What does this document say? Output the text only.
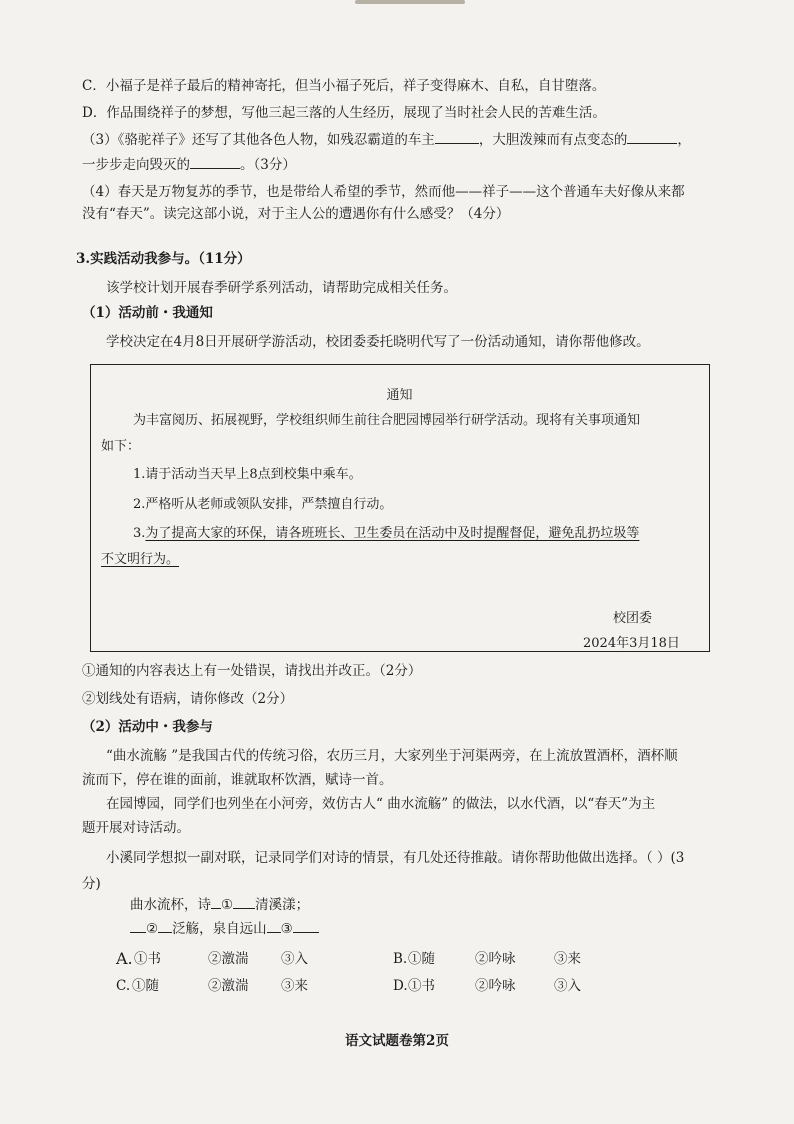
C．小福子是祥子最后的精神寄托，但当小福子死后，祥子变得麻木、自私，自甘堕落。
D．作品围绕祥子的梦想，写他三起三落的人生经历，展现了当时社会人民的苦难生活。
（3）《骆驼祥子》还写了其他各色人物，如残忍霸道的车主	，大胆泼辣而有点变态的	，
一步步走向毁灭的	。（3分）
（4）春天是万物复苏的季节，也是带给人希望的季节，然而他——祥子——这个普通车夫好像从来都
没有“春天”。读完这部小说，对于主人公的遭遇你有什么感受？（4分）
3.实践活动我参与。（11分）
该学校计划开展春季研学系列活动，请帮助完成相关任务。
（1）活动前・我通知
学校决定在4月8日开展研学游活动，校团委委托晓明代写了一份活动通知，请你帮他修改。
通知
为丰富阅历、拓展视野，学校组织师生前往合肥园博园举行研学活动。现将有关事项通知
如下：
1.请于活动当天早上8点到校集中乘车。
2.严格听从老师或领队安排，严禁擅自行动。
3.为了提高大家的环保，请各班班长、卫生委员在活动中及时提醒督促，避免乱扔垃圾等
不文明行为。
校团委
2024年3月18日
①通知的内容表达上有一处错误，请找出并改正。（2分）
②划线处有语病，请你修改（2分）
（2）活动中・我参与
“曲水流觞 ”是我国古代的传统习俗，农历三月，大家列坐于河渠两旁，在上流放置酒杯，酒杯顺
流而下，停在谁的面前，谁就取杯饮酒，赋诗一首。
在园博园，同学们也列坐在小河旁，效仿古人“ 曲水流觞” 的做法，以水代酒，以“春天”为主
题开展对诗活动。
小溪同学想拟一副对联，记录同学们对诗的情景，有几处还待推敲。请你帮助他做出选择。（ ）(3
分)
曲水流杯，诗 ① 清溪漾；
② 泛觞，泉自远山 ③
A. ①书	②激湍 ③入	B. ①随	②吟咏	③来
C. ①随	②激湍 ③来	D. ①书	②吟咏	③入
语文试题卷第2页
